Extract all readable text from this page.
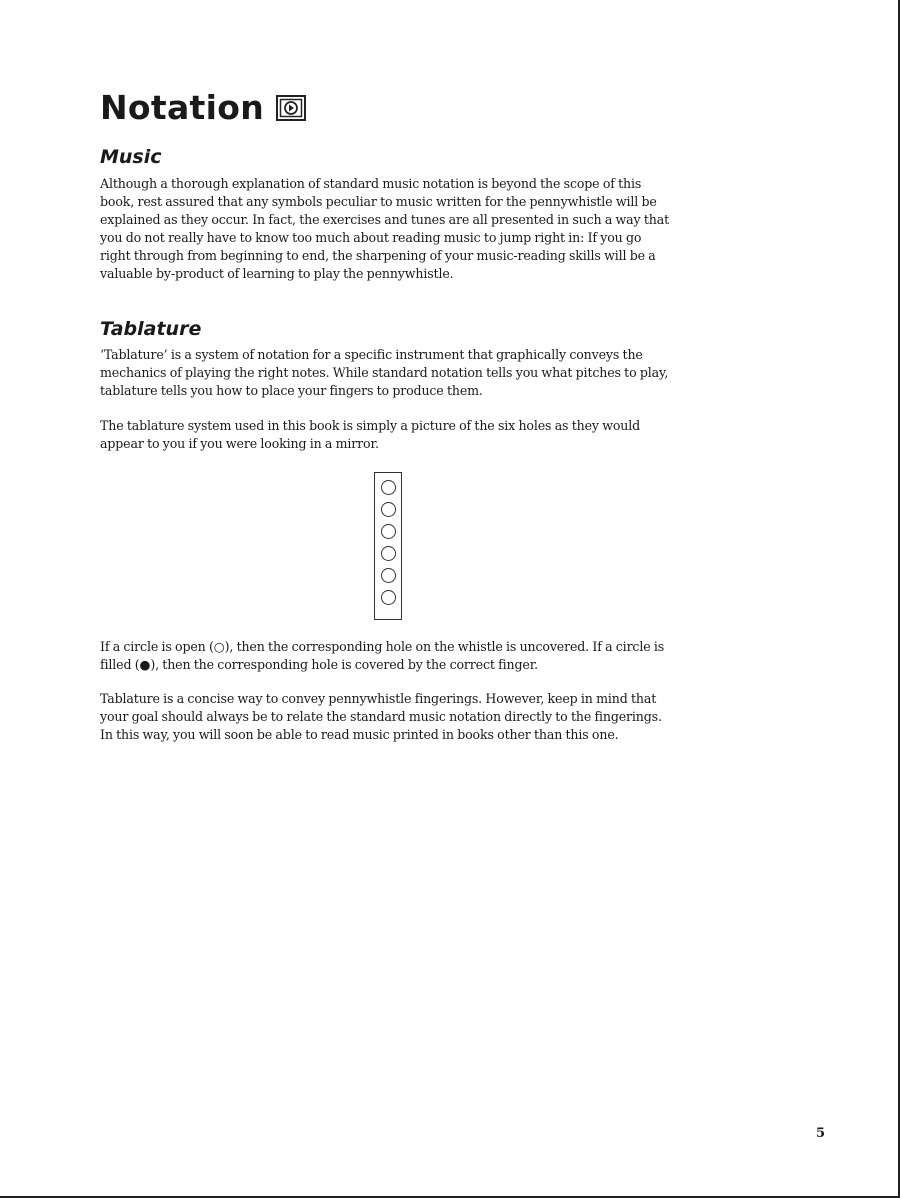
Notation
Music

Although a thorough explanation of standard music notation is beyond the scope of this book, rest assured that any symbols peculiar to music written for the pennywhistle will be explained as they occur. In fact, the exercises and tunes are all presented in such a way that you do not really have to know too much about reading music to jump right in: If you go right through from beginning to end, the sharpening of your music-reading skills will be a valuable by-product of learning to play the pennywhistle.

Tablature

‘Tablature’ is a system of notation for a specific instrument that graphically conveys the mechanics of playing the right notes. While standard notation tells you what pitches to play, tablature tells you how to place your fingers to produce them.

The tablature system used in this book is simply a picture of the six holes as they would appear to you if you were looking in a mirror.

If a circle is open (○), then the corresponding hole on the whistle is uncovered. If a circle is filled (●), then the corresponding hole is covered by the correct finger.

Tablature is a concise way to convey pennywhistle fingerings. However, keep in mind that your goal should always be to relate the standard music notation directly to the fingerings. In this way, you will soon be able to read music printed in books other than this one.

5
